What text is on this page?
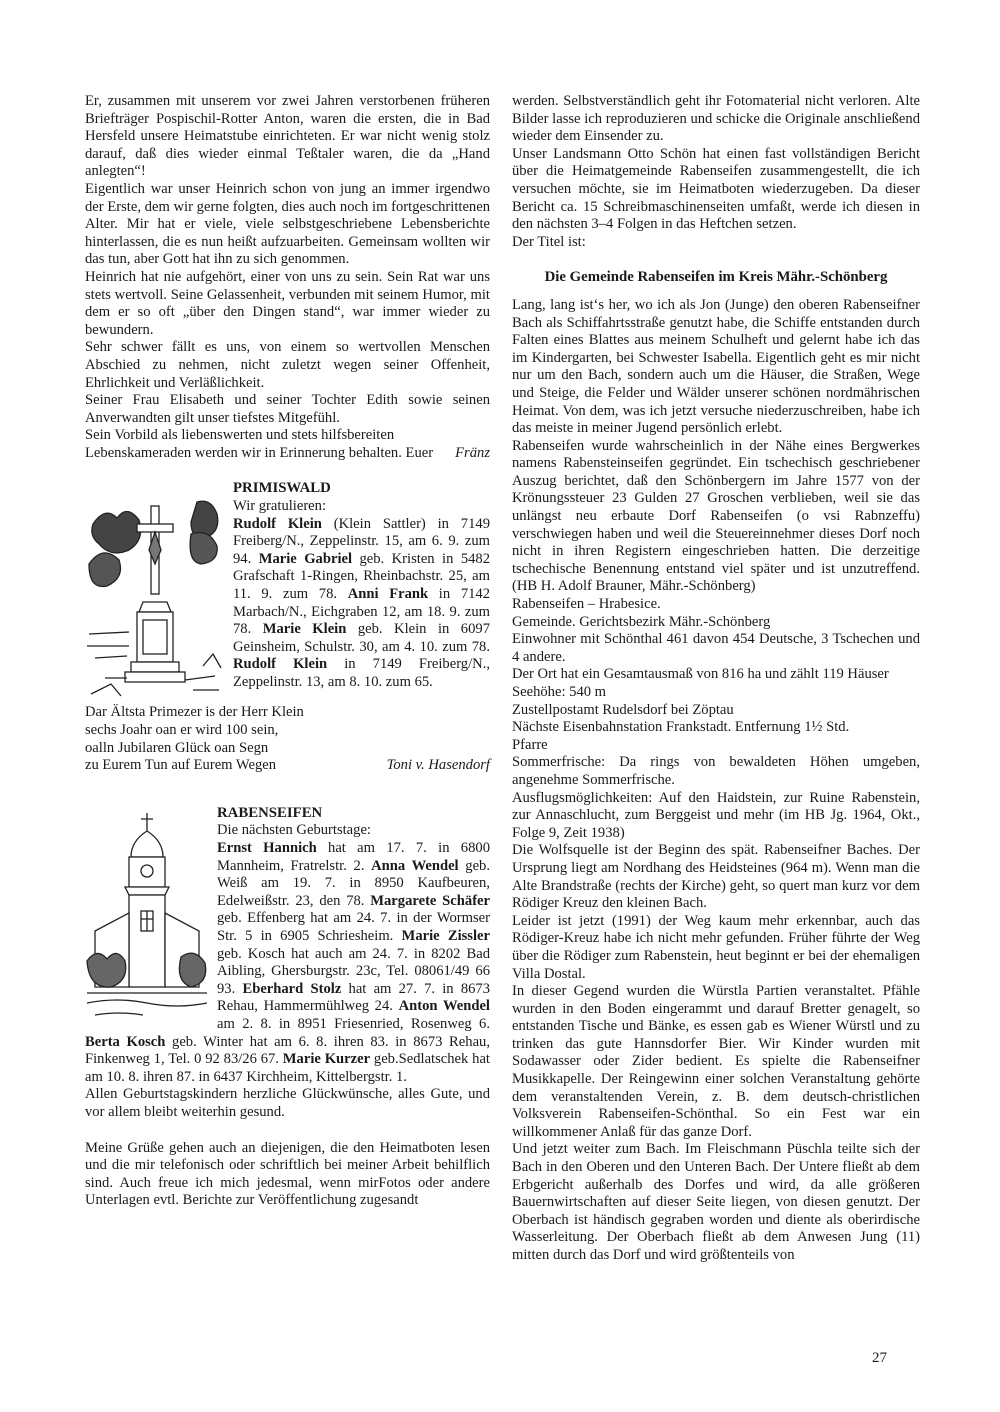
Er, zusammen mit unserem vor zwei Jahren verstorbenen früheren Briefträger Pospischil-Rotter Anton, waren die ersten, die in Bad Hersfeld unsere Heimatstube einrichteten. Er war nicht wenig stolz darauf, daß dies wieder einmal Teßtaler waren, die da „Hand anlegten“!

Eigentlich war unser Heinrich schon von jung an immer irgendwo der Erste, dem wir gerne folgten, dies auch noch im fortgeschrittenen Alter. Mir hat er viele, viele selbstgeschriebene Lebensberichte hinterlassen, die es nun heißt aufzuarbeiten. Gemeinsam wollten wir das tun, aber Gott hat ihn zu sich genommen.

Heinrich hat nie aufgehört, einer von uns zu sein. Sein Rat war uns stets wertvoll. Seine Gelassenheit, verbunden mit seinem Humor, mit dem er so oft „über den Dingen stand“, war immer wieder zu bewundern.

Sehr schwer fällt es uns, von einem so wertvollen Menschen Abschied zu nehmen, nicht zuletzt wegen seiner Offenheit, Ehrlichkeit und Verläßlichkeit.

Seiner Frau Elisabeth und seiner Tochter Edith sowie seinen Anverwandten gilt unser tiefstes Mitgefühl.

Sein Vorbild als liebenswerten und stets hilfsbereiten Lebenskameraden werden wir in Erinnerung behalten. Euer	Fränz
PRIMISWALD

Wir gratulieren:

Rudolf Klein (Klein Sattler) in 7149 Freiberg/N., Zeppelinstr. 15, am 6. 9. zum 94. Marie Gabriel geb. Kristen in 5482 Grafschaft 1-Ringen, Rheinbachstr. 25, am 11. 9. zum 78. Anni Frank in 7142 Marbach/N., Eichgraben 12, am 18. 9. zum 78. Marie Klein geb. Klein in 6097 Geinsheim, Schulstr. 30, am 4. 10. zum 78. Rudolf Klein in 7149 Freiberg/N., Zeppelinstr. 13, am 8. 10. zum 65.

Dar Ältsta Primezer is der Herr Klein
sechs Joahr oan er wird 100 sein,
oalln Jubilaren Glück oan Segn
zu Eurem Tun auf Eurem Wegen	Toni v. Hasendorf
RABENSEIFEN

Die nächsten Geburtstage:

Ernst Hannich hat am 17. 7. in 6800 Mannheim, Fratrelstr. 2. Anna Wendel geb. Weiß am 19. 7. in 8950 Kaufbeuren, Edelweißstr. 23, den 78. Margarete Schäfer geb. Effenberg hat am 24. 7. in der Wormser Str. 5 in 6905 Schriesheim. Marie Zissler geb. Kosch hat auch am 24. 7. in 8202 Bad Aibling, Ghersburgstr. 23c, Tel. 08061/49 66 93. Eberhard Stolz hat am 27. 7. in 8673 Rehau, Hammermühlweg 24. Anton Wendel am 2. 8. in 8951 Friesenried, Rosenweg 6. Berta Kosch geb. Winter hat am 6. 8. ihren 83. in 8673 Rehau, Finkenweg 1, Tel. 0 92 83/26 67. Marie Kurzer geb.Sedlatschek hat am 10. 8. ihren 87. in 6437 Kirchheim, Kittelbergstr. 1.

Allen Geburtstagskindern herzliche Glückwünsche, alles Gute, und vor allem bleibt weiterhin gesund.

Meine Grüße gehen auch an diejenigen, die den Heimatboten lesen und die mir telefonisch oder schriftlich bei meiner Arbeit behilflich sind. Auch freue ich mich jedesmal, wenn mirFotos oder andere Unterlagen evtl. Berichte zur Veröffentlichung zugesandt

werden. Selbstverständlich geht ihr Fotomaterial nicht verloren. Alte Bilder lasse ich reproduzieren und schicke die Originale anschließend wieder dem Einsender zu.

Unser Landsmann Otto Schön hat einen fast vollständigen Bericht über die Heimatgemeinde Rabenseifen zusammengestellt, die ich versuchen möchte, sie im Heimatboten wiederzugeben. Da dieser Bericht ca. 15 Schreibmaschinenseiten umfaßt, werde ich diesen in den nächsten 3–4 Folgen in das Heftchen setzen.

Der Titel ist:

Die Gemeinde Rabenseifen im Kreis Mähr.-Schönberg

Lang, lang ist‘s her, wo ich als Jon (Junge) den oberen Rabenseifner Bach als Schiffahrtsstraße genutzt habe, die Schiffe entstanden durch Falten eines Blattes aus meinem Schulheft und gelernt habe ich das im Kindergarten, bei Schwester Isabella. Eigentlich geht es mir nicht nur um den Bach, sondern auch um die Häuser, die Straßen, Wege und Steige, die Felder und Wälder unserer schönen nordmährischen Heimat. Von dem, was ich jetzt versuche niederzuschreiben, habe ich das meiste in meiner Jugend persönlich erlebt.

Rabenseifen wurde wahrscheinlich in der Nähe eines Bergwerkes namens Rabensteinseifen gegründet. Ein tschechisch geschriebener Auszug berichtet, daß den Schönbergern im Jahre 1577 von der Krönungssteuer 23 Gulden 27 Groschen verblieben, weil sie das unlängst neu erbaute Dorf Rabenseifen (o vsi Rabnzeffu) verschwiegen haben und weil die Steuereinnehmer dieses Dorf noch nicht in ihren Registern eingeschrieben hatten. Die derzeitige tschechische Benennung entstand viel später und ist unzutreffend. (HB H. Adolf Brauner, Mähr.-Schönberg)

Rabenseifen – Hrabesice.

Gemeinde. Gerichtsbezirk Mähr.-Schönberg

Einwohner mit Schönthal 461 davon 454 Deutsche, 3 Tschechen und 4 andere.

Der Ort hat ein Gesamtausmaß von 816 ha und zählt 119 Häuser

Seehöhe: 540 m

Zustellpostamt Rudelsdorf bei Zöptau

Nächste Eisenbahnstation Frankstadt. Entfernung 1½ Std.

Pfarre

Sommerfrische: Da rings von bewaldeten Höhen umgeben, angenehme Sommerfrische.

Ausflugsmöglichkeiten: Auf den Haidstein, zur Ruine Rabenstein, zur Annaschlucht, zum Berggeist und mehr (im HB Jg. 1964, Okt., Folge 9, Zeit 1938)

Die Wolfsquelle ist der Beginn des spät. Rabenseifner Baches. Der Ursprung liegt am Nordhang des Heidsteines (964 m). Wenn man die Alte Brandstraße (rechts der Kirche) geht, so quert man kurz vor dem Rödiger Kreuz den kleinen Bach.

Leider ist jetzt (1991) der Weg kaum mehr erkennbar, auch das Rödiger-Kreuz habe ich nicht mehr gefunden. Früher führte der Weg über die Rödiger zum Rabenstein, heut beginnt er bei der ehemaligen Villa Dostal.

In dieser Gegend wurden die Würstla Partien veranstaltet. Pfähle wurden in den Boden eingerammt und darauf Bretter genagelt, so entstanden Tische und Bänke, es essen gab es Wiener Würstl und zu trinken das gute Hannsdorfer Bier. Wir Kinder wurden mit Sodawasser oder Zider bedient. Es spielte die Rabenseifner Musikkapelle. Der Reingewinn einer solchen Veranstaltung gehörte dem veranstaltenden Verein, z. B. dem deutsch-christlichen Volksverein Rabenseifen-Schönthal. So ein Fest war ein willkommener Anlaß für das ganze Dorf.

Und jetzt weiter zum Bach. Im Fleischmann Püschla teilte sich der Bach in den Oberen und den Unteren Bach. Der Untere fließt ab dem Erbgericht außerhalb des Dorfes und wird, da alle größeren Bauernwirtschaften auf dieser Seite liegen, von diesen genutzt. Der Oberbach ist händisch gegraben worden und diente als oberirdische Wasserleitung. Der Oberbach fließt ab dem Anwesen Jung (11) mitten durch das Dorf und wird größtenteils von

27
